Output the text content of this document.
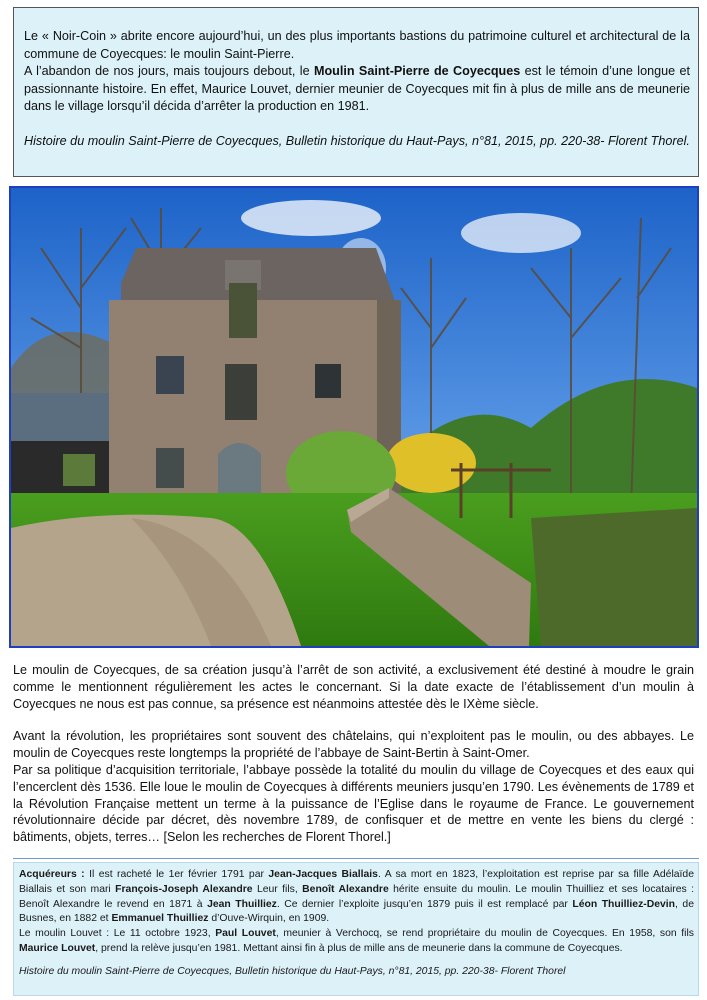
Le « Noir-Coin » abrite encore aujourd’hui, un des plus importants bastions du patrimoine culturel et architectural de la commune de Coyecques: le moulin Saint-Pierre.

A l’abandon de nos jours, mais toujours debout, le Moulin Saint-Pierre de Coyecques est le témoin d’une longue et passionnante histoire. En effet, Maurice Louvet, dernier meunier de Coyecques mit fin à plus de mille ans de meunerie dans le village lorsqu’il décida d’arrêter la production en 1981.

Histoire du moulin Saint-Pierre de Coyecques, Bulletin historique du Haut-Pays, n°81, 2015, pp. 220-38- Florent Thorel.

Le moulin de Coyecques, de sa création jusqu’à l’arrêt de son activité, a exclusivement été destiné à moudre le grain comme le mentionnent régulièrement les actes le concernant. Si la date exacte de l’établissement d’un moulin à Coyecques ne nous est pas connue, sa présence est néanmoins attestée dès le IXème siècle.

Avant la révolution, les propriétaires sont souvent des châtelains, qui n’exploitent pas le moulin, ou des abbayes. Le moulin de Coyecques reste longtemps la propriété de l’abbaye de Saint-Bertin à Saint-Omer.

Par sa politique d’acquisition territoriale, l’abbaye possède la totalité du moulin du village de Coyecques et des eaux qui l’encerclent dès 1536. Elle loue le moulin de Coyecques à différents meuniers jusqu’en 1790. Les évènements de 1789 et la Révolution Française mettent un terme à la puissance de l’Eglise dans le royaume de France. Le gouvernement révolutionnaire décide par décret, dès novembre 1789, de confisquer et de mettre en vente les biens du clergé : bâtiments, objets, terres… [Selon les recherches de Florent Thorel.]

Acquéreurs : Il est racheté le 1er février 1791 par Jean-Jacques Biallais. A sa mort en 1823, l’exploitation est reprise par sa fille Adélaïde Biallais et son mari François-Joseph Alexandre Leur fils, Benoît Alexandre hérite ensuite du moulin. Le moulin Thuilliez et ses locataires : Benoît Alexandre le revend en 1871 à Jean Thuilliez. Ce dernier l’exploite jusqu’en 1879 puis il est remplacé par Léon Thuilliez-Devin, de Busnes, en 1882 et Emmanuel Thuilliez d’Ouve-Wirquin, en 1909.

Le moulin Louvet : Le 11 octobre 1923, Paul Louvet, meunier à Verchocq, se rend propriétaire du moulin de Coyecques. En 1958, son fils Maurice Louvet, prend la relève jusqu’en 1981. Mettant ainsi fin à plus de mille ans de meunerie dans la commune de Coyecques.

Histoire du moulin Saint-Pierre de Coyecques, Bulletin historique du Haut-Pays, n°81, 2015, pp. 220-38- Florent Thorel
